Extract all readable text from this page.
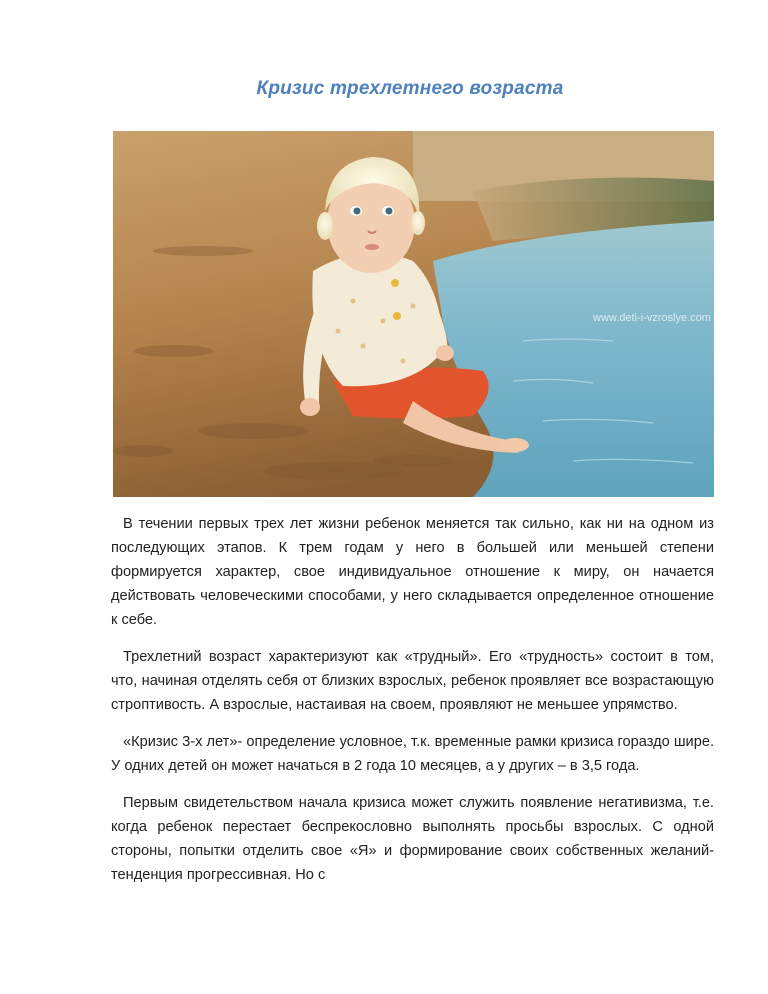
Кризис трехлетнего возраста
www.deti-i-vzroslye.com

В течении первых трех лет жизни ребенок меняется так сильно, как ни на одном из последующих этапов. К трем годам у него в большей или меньшей степени формируется характер, свое индивидуальное отношение к миру, он начается действовать человеческими способами, у него складывается определенное отношение к себе.

Трехлетний возраст характеризуют как «трудный». Его «трудность» состоит в том, что, начиная отделять себя от близких взрослых, ребенок проявляет все возрастающую строптивость. А взрослые, настаивая на своем, проявляют не меньшее упрямство.

«Кризис 3-х лет»- определение условное, т.к. временные рамки кризиса гораздо шире. У одних детей он может начаться в 2 года 10 месяцев, а у других – в 3,5 года.

Первым свидетельством начала кризиса может служить появление негативизма, т.е. когда ребенок перестает беспрекословно выполнять просьбы взрослых. С одной стороны, попытки отделить свое «Я» и формирование своих собственных желаний- тенденция прогрессивная. Но с
